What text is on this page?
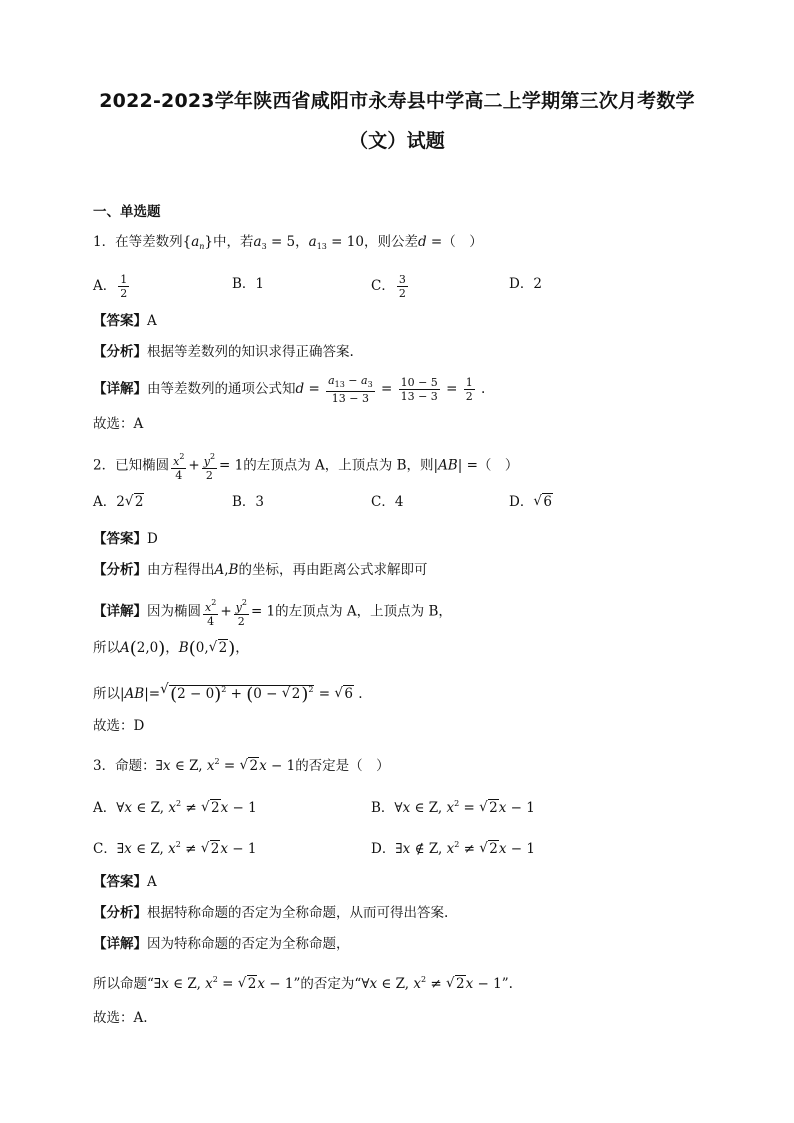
2022-2023学年陕西省咸阳市永寿县中学高二上学期第三次月考数学
（文）试题
一、单选题
1．在等差数列$\{a_n\}$中，若$a_3 = 5$，$a_{13} = 10$，则公差d =（　）
A． $\frac{1}{2}$	B．1	C． $\frac{3}{2}$	D．2
【答案】A
【分析】根据等差数列的知识求得正确答案.
【详解】由等差数列的通项公式知$d = \frac{a_{13} - a_3}{13 - 3} = \frac{10 - 5}{13 - 3} = \frac{1}{2}$ .
故选：A
2．已知椭圆 $\frac{x^2}{4} + \frac{y^2}{2} = 1$的左顶点为 A，上顶点为 B，则|AB| =（　）
A．2 √ 2	B．3	C．4	D． √ 6
【答案】D
【分析】由方程得出A,B的坐标，再由距离公式求解即可
【详解】因为椭圆 $\frac{x^2}{4} + \frac{y^2}{2} = 1$的左顶点为 A，上顶点为 B，
所以A(2,0)，B(0, √ 2)，
所以|AB|= √ $(2 - 0)^2 + (0$ − √ 2)$^2$ = √ 6 .
故选：D
3．命题：∃x ∈ Z, $x^2$ = √ 2x − 1的否定是（　）
A．∀x ∈ Z, $x^2$ ≠ √ 2x − 1	B．∀x ∈ Z, $x^2$ = √ 2x − 1
C．∃x ∈ Z, $x^2$ ≠ √ 2x − 1	D．∃x ∉ Z, $x^2$ ≠ √ 2x − 1
【答案】A
【分析】根据特称命题的否定为全称命题，从而可得出答案.
【详解】因为特称命题的否定为全称命题，
所以命题“∃x ∈ Z, $x^2$ = √ 2x − 1”的否定为“∀x ∈ Z, $x^2$ ≠ √ 2x − 1”.
故选：A.
